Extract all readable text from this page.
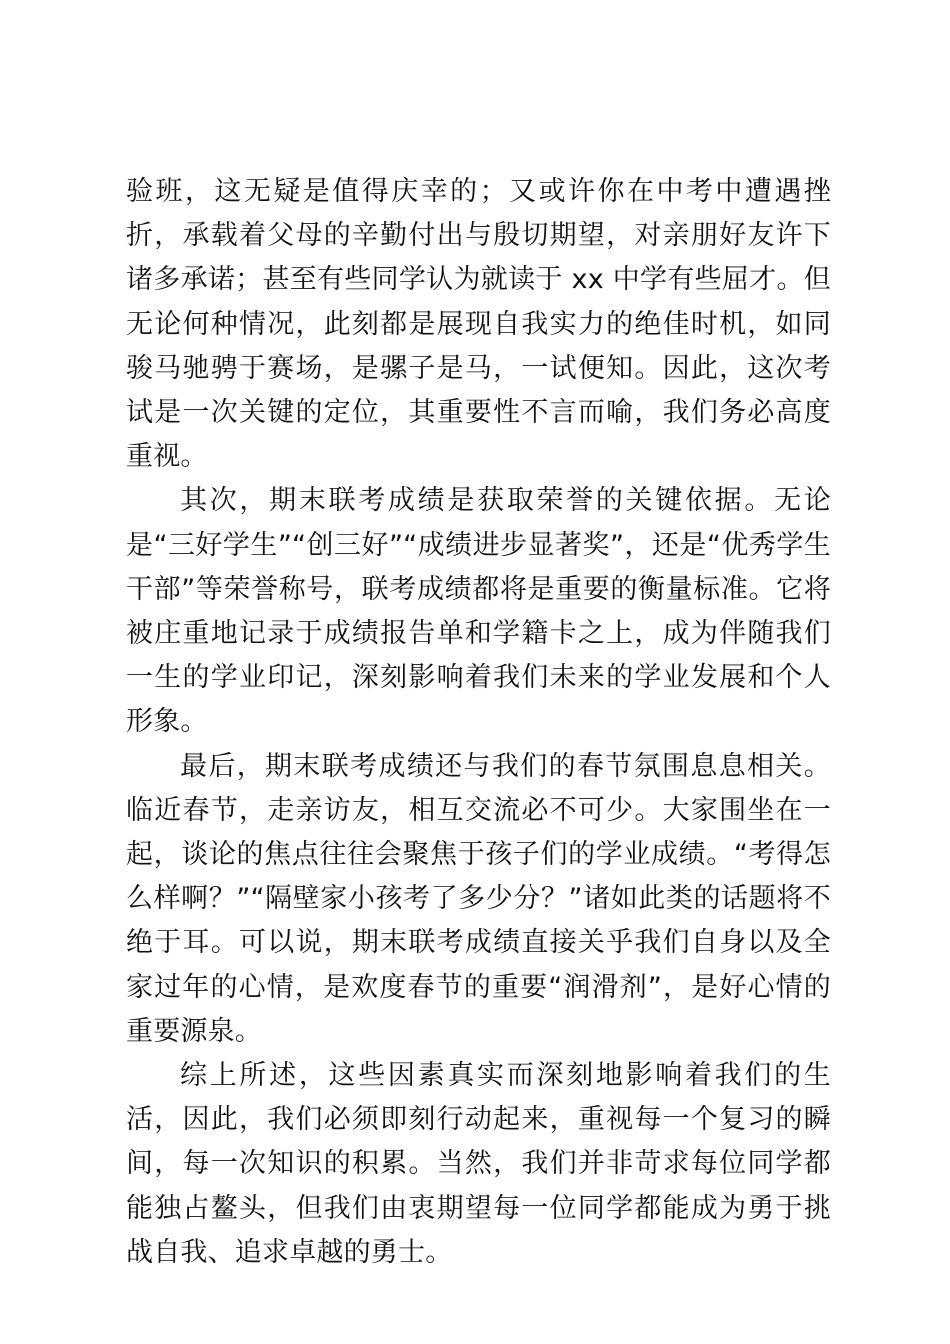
验班，这无疑是值得庆幸的；又或许你在中考中遭遇挫折，承载着父母的辛勤付出与殷切期望，对亲朋好友许下诸多承诺；甚至有些同学认为就读于 xx 中学有些屈才。但无论何种情况，此刻都是展现自我实力的绝佳时机，如同骏马驰骋于赛场，是骡子是马，一试便知。因此，这次考试是一次关键的定位，其重要性不言而喻，我们务必高度重视。

其次，期末联考成绩是获取荣誉的关键依据。无论是“三好学生”“创三好”“成绩进步显著奖”，还是“优秀学生干部”等荣誉称号，联考成绩都将是重要的衡量标准。它将被庄重地记录于成绩报告单和学籍卡之上，成为伴随我们一生的学业印记，深刻影响着我们未来的学业发展和个人形象。

最后，期末联考成绩还与我们的春节氛围息息相关。临近春节，走亲访友，相互交流必不可少。大家围坐在一起，谈论的焦点往往会聚焦于孩子们的学业成绩。“考得怎么样啊？”“隔壁家小孩考了多少分？”诸如此类的话题将不绝于耳。可以说，期末联考成绩直接关乎我们自身以及全家过年的心情，是欢度春节的重要“润滑剂”，是好心情的重要源泉。

综上所述，这些因素真实而深刻地影响着我们的生活，因此，我们必须即刻行动起来，重视每一个复习的瞬间，每一次知识的积累。当然，我们并非苛求每位同学都能独占鳌头，但我们由衷期望每一位同学都能成为勇于挑战自我、追求卓越的勇士。
